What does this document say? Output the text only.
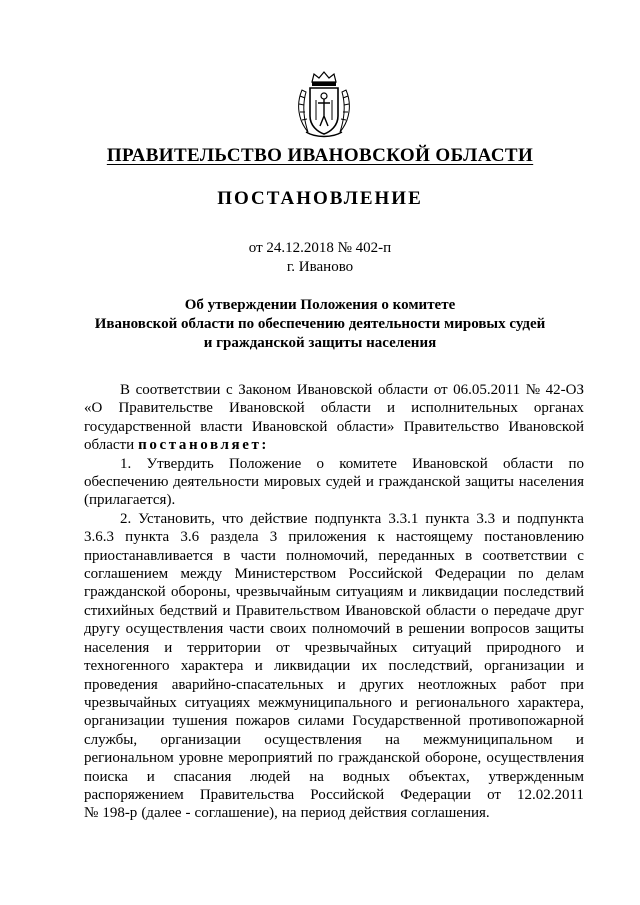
ПРАВИТЕЛЬСТВО ИВАНОВСКОЙ ОБЛАСТИ
ПОСТАНОВЛЕНИЕ
от 24.12.2018 № 402-п
г. Иваново
Об утверждении Положения о комитете
Ивановской области по обеспечению деятельности мировых судей
и гражданской защиты населения
В соответствии с Законом Ивановской области от 06.05.2011 № 42-ОЗ
«О Правительстве Ивановской области и исполнительных органах
государственной власти Ивановской области» Правительство Ивановской
области постановляет:
1. Утвердить Положение о комитете Ивановской области по
обеспечению деятельности мировых судей и гражданской защиты населения
(прилагается).
2. Установить, что действие подпункта 3.3.1 пункта 3.3 и подпункта
3.6.3 пункта 3.6 раздела 3 приложения к настоящему постановлению
приостанавливается в части полномочий, переданных в соответствии с
соглашением между Министерством Российской Федерации по делам
гражданской обороны, чрезвычайным ситуациям и ликвидации последствий
стихийных бедствий и Правительством Ивановской области о передаче друг
другу осуществления части своих полномочий в решении вопросов защиты
населения и территории от чрезвычайных ситуаций природного и
техногенного характера и ликвидации их последствий, организации и
проведения аварийно-спасательных и других неотложных работ при
чрезвычайных ситуациях межмуниципального и регионального характера,
организации тушения пожаров силами Государственной противопожарной
службы, организации осуществления на межмуниципальном и
региональном уровне мероприятий по гражданской обороне, осуществления
поиска и спасания людей на водных объектах, утвержденным
распоряжением Правительства Российской Федерации от 12.02.2011
№ 198-р (далее - соглашение), на период действия соглашения.
